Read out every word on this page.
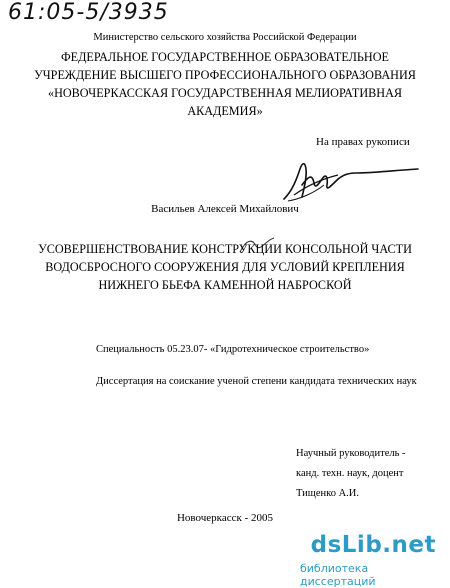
61:05-5/3935
Министерство сельского хозяйства Российской Федерации
ФЕДЕРАЛЬНОЕ ГОСУДАРСТВЕННОЕ ОБРАЗОВАТЕЛЬНОЕ
УЧРЕЖДЕНИЕ ВЫСШЕГО ПРОФЕССИОНАЛЬНОГО ОБРАЗОВАНИЯ
«НОВОЧЕРКАССКАЯ ГОСУДАРСТВЕННАЯ МЕЛИОРАТИВНАЯ
АКАДЕМИЯ»
На правах рукописи
Васильев Алексей Михайлович
УСОВЕРШЕНСТВОВАНИЕ КОНСТРУКЦИИ КОНСОЛЬНОЙ ЧАСТИ
ВОДОСБРОСНОГО СООРУЖЕНИЯ ДЛЯ УСЛОВИЙ КРЕПЛЕНИЯ
НИЖНЕГО БЬЕФА КАМЕННОЙ НАБРОСКОЙ
Специальность 05.23.07- «Гидротехническое строительство»
Диссертация на соискание ученой степени кандидата технических наук
Научный руководитель -
канд. техн. наук, доцент
Тищенко А.И.
Новочеркасск - 2005
dsLib.net
библиотека диссертаций
